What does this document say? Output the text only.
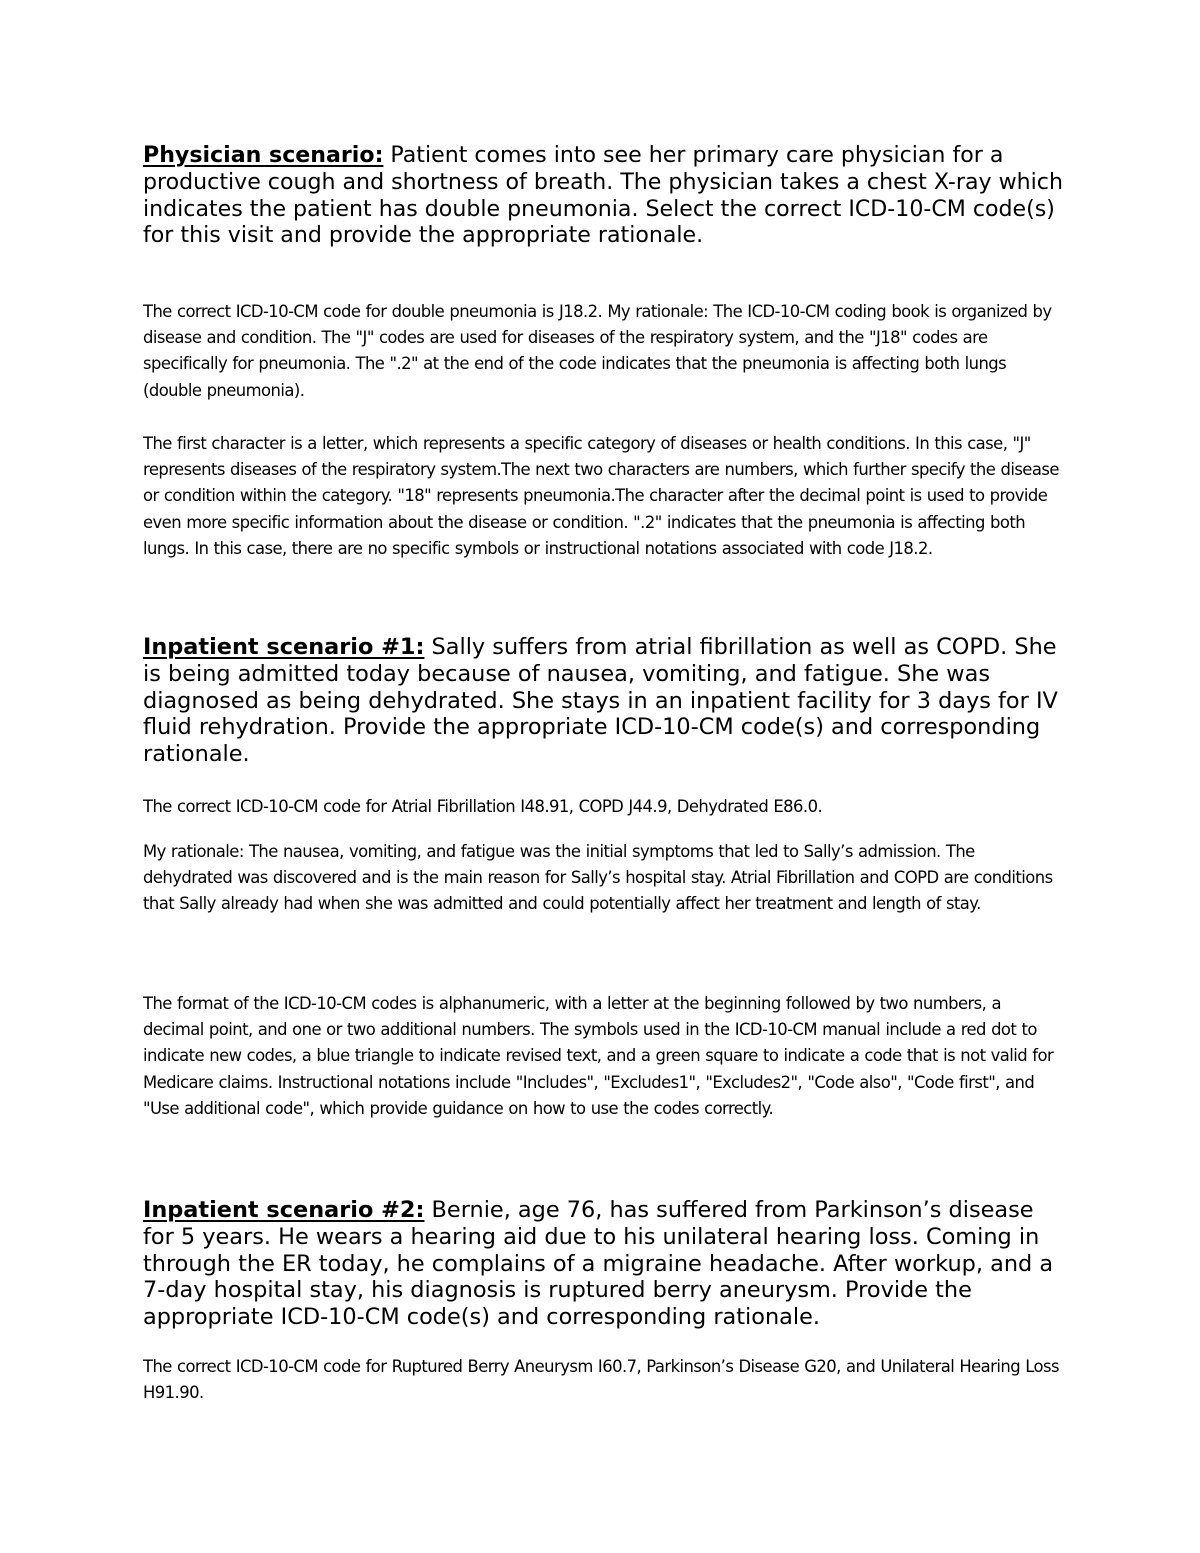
Physician scenario: Patient comes into see her primary care physician for a productive cough and shortness of breath. The physician takes a chest X-ray which indicates the patient has double pneumonia. Select the correct ICD-10-CM code(s) for this visit and provide the appropriate rationale.

The correct ICD-10-CM code for double pneumonia is J18.2. My rationale: The ICD-10-CM coding book is organized by disease and condition. The "J" codes are used for diseases of the respiratory system, and the "J18" codes are specifically for pneumonia. The ".2" at the end of the code indicates that the pneumonia is affecting both lungs (double pneumonia).

The first character is a letter, which represents a specific category of diseases or health conditions. In this case, "J" represents diseases of the respiratory system.The next two characters are numbers, which further specify the disease or condition within the category. "18" represents pneumonia.The character after the decimal point is used to provide even more specific information about the disease or condition. ".2" indicates that the pneumonia is affecting both lungs. In this case, there are no specific symbols or instructional notations associated with code J18.2.

Inpatient scenario #1: Sally suffers from atrial fibrillation as well as COPD. She is being admitted today because of nausea, vomiting, and fatigue. She was diagnosed as being dehydrated. She stays in an inpatient facility for 3 days for IV fluid rehydration. Provide the appropriate ICD-10-CM code(s) and corresponding rationale.

The correct ICD-10-CM code for Atrial Fibrillation I48.91, COPD J44.9, Dehydrated E86.0.

My rationale: The nausea, vomiting, and fatigue was the initial symptoms that led to Sally’s admission. The dehydrated was discovered and is the main reason for Sally’s hospital stay. Atrial Fibrillation and COPD are conditions that Sally already had when she was admitted and could potentially affect her treatment and length of stay.

The format of the ICD-10-CM codes is alphanumeric, with a letter at the beginning followed by two numbers, a decimal point, and one or two additional numbers. The symbols used in the ICD-10-CM manual include a red dot to indicate new codes, a blue triangle to indicate revised text, and a green square to indicate a code that is not valid for Medicare claims. Instructional notations include "Includes", "Excludes1", "Excludes2", "Code also", "Code first", and "Use additional code", which provide guidance on how to use the codes correctly.

Inpatient scenario #2: Bernie, age 76, has suffered from Parkinson’s disease for 5 years. He wears a hearing aid due to his unilateral hearing loss. Coming in through the ER today, he complains of a migraine headache. After workup, and a 7-day hospital stay, his diagnosis is ruptured berry aneurysm. Provide the appropriate ICD-10-CM code(s) and corresponding rationale.

The correct ICD-10-CM code for Ruptured Berry Aneurysm I60.7, Parkinson’s Disease G20, and Unilateral Hearing Loss H91.90.
